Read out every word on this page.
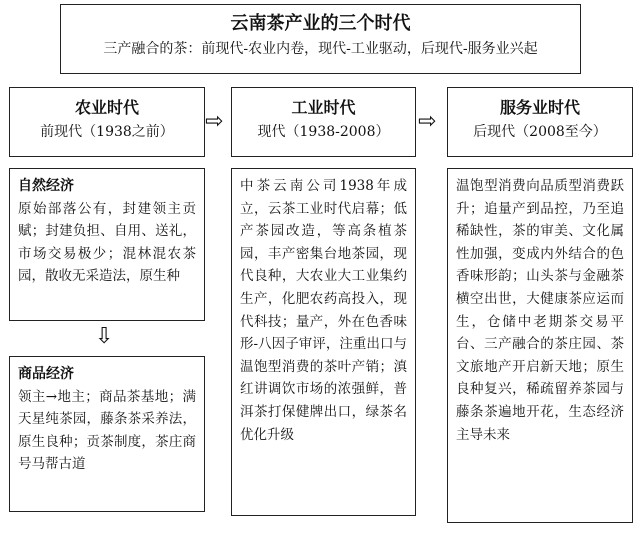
云南茶产业的三个时代
三产融合的茶：前现代-农业内卷，现代-工业驱动，后现代-服务业兴起
农业时代
前现代（1938之前）	⇨
工业时代
现代（1938-2008）	⇨
服务业时代
后现代（2008至今）
自然经济
原始部落公有，封建领主贡赋；封建负担、自用、送礼，市场交易极少；混林混农茶园，散收无采造法，原生种
⇩
商品经济
领主→地主；商品茶基地；满天星纯茶园，藤条茶采养法，原生良种；贡茶制度，茶庄商号马帮古道
中茶云南公司1938年成立，云茶工业时代启幕；低产茶园改造，等高条植茶园，丰产密集台地茶园，现代良种，大农业大工业集约生产，化肥农药高投入，现代科技；量产，外在色香味形-八因子审评，注重出口与温饱型消费的茶叶产销；滇红讲调饮市场的浓强鲜，普洱茶打保健牌出口，绿茶名优化升级
温饱型消费向品质型消费跃升；追量产到品控，乃至追稀缺性，茶的审美、文化属性加强，变成内外结合的色香味形韵；山头茶与金融茶横空出世，大健康茶应运而生，仓储中老期茶交易平台、三产融合的茶庄园、茶文旅地产开启新天地；原生良种复兴，稀疏留养茶园与藤条茶遍地开花，生态经济主导未来
